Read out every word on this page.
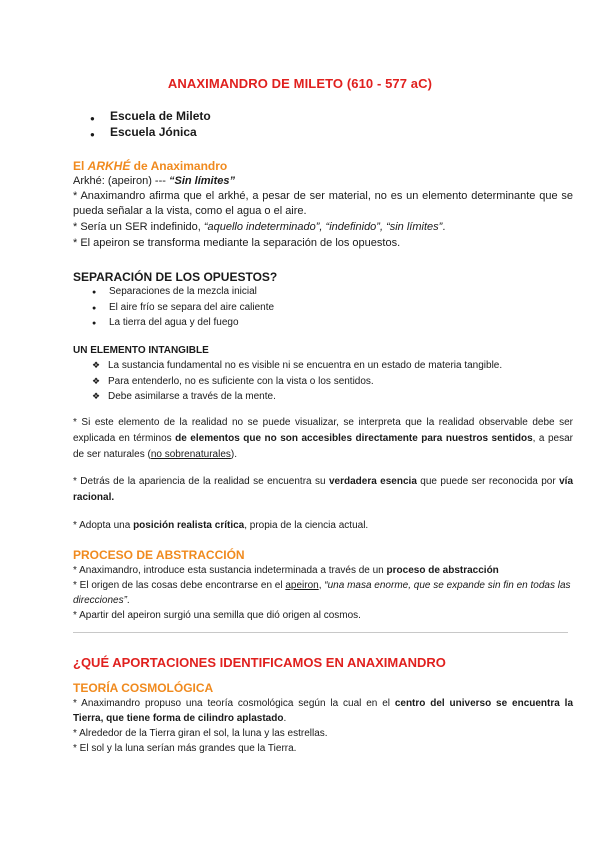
ANAXIMANDRO DE MILETO (610 - 577 aC)
● Escuela de Mileto
● Escuela Jónica
El ARKHÉ de Anaximandro
Arkhé: (apeiron) --- “Sin límites”
* Anaximandro afirma que el arkhé, a pesar de ser material, no es un elemento determinante que se pueda señalar a la vista, como el agua o el aire.
* Sería un SER indefinido, “aquello indeterminado”, “indefinido”, “sin límites”.
* El apeiron se transforma mediante la separación de los opuestos.
SEPARACIÓN DE LOS OPUESTOS?
● Separaciones de la mezcla inicial
● El aire frío se separa del aire caliente
● La tierra del agua y del fuego
UN ELEMENTO INTANGIBLE
❖ La sustancia fundamental no es visible ni se encuentra en un estado de materia tangible.
❖ Para entenderlo, no es suficiente con la vista o los sentidos.
❖ Debe asimilarse a través de la mente.
* Si este elemento de la realidad no se puede visualizar, se interpreta que la realidad observable debe ser explicada en términos de elementos que no son accesibles directamente para nuestros sentidos, a pesar de ser naturales (no sobrenaturales).
* Detrás de la apariencia de la realidad se encuentra su verdadera esencia que puede ser reconocida por vía racional.
* Adopta una posición realista crítica, propia de la ciencia actual.
PROCESO DE ABSTRACCIÓN
* Anaximandro, introduce esta sustancia indeterminada a través de un proceso de abstracción
* El origen de las cosas debe encontrarse en el apeiron, “una masa enorme, que se expande sin fin en todas las direcciones”.
* Apartir del apeiron surgió una semilla que dió origen al cosmos.
¿QUÉ APORTACIONES IDENTIFICAMOS EN ANAXIMANDRO
TEORÍA COSMOLÓGICA
* Anaximandro propuso una teoría cosmológica según la cual en el centro del universo se encuentra la Tierra, que tiene forma de cilindro aplastado.
* Alrededor de la Tierra giran el sol, la luna y las estrellas.
* El sol y la luna serían más grandes que la Tierra.
